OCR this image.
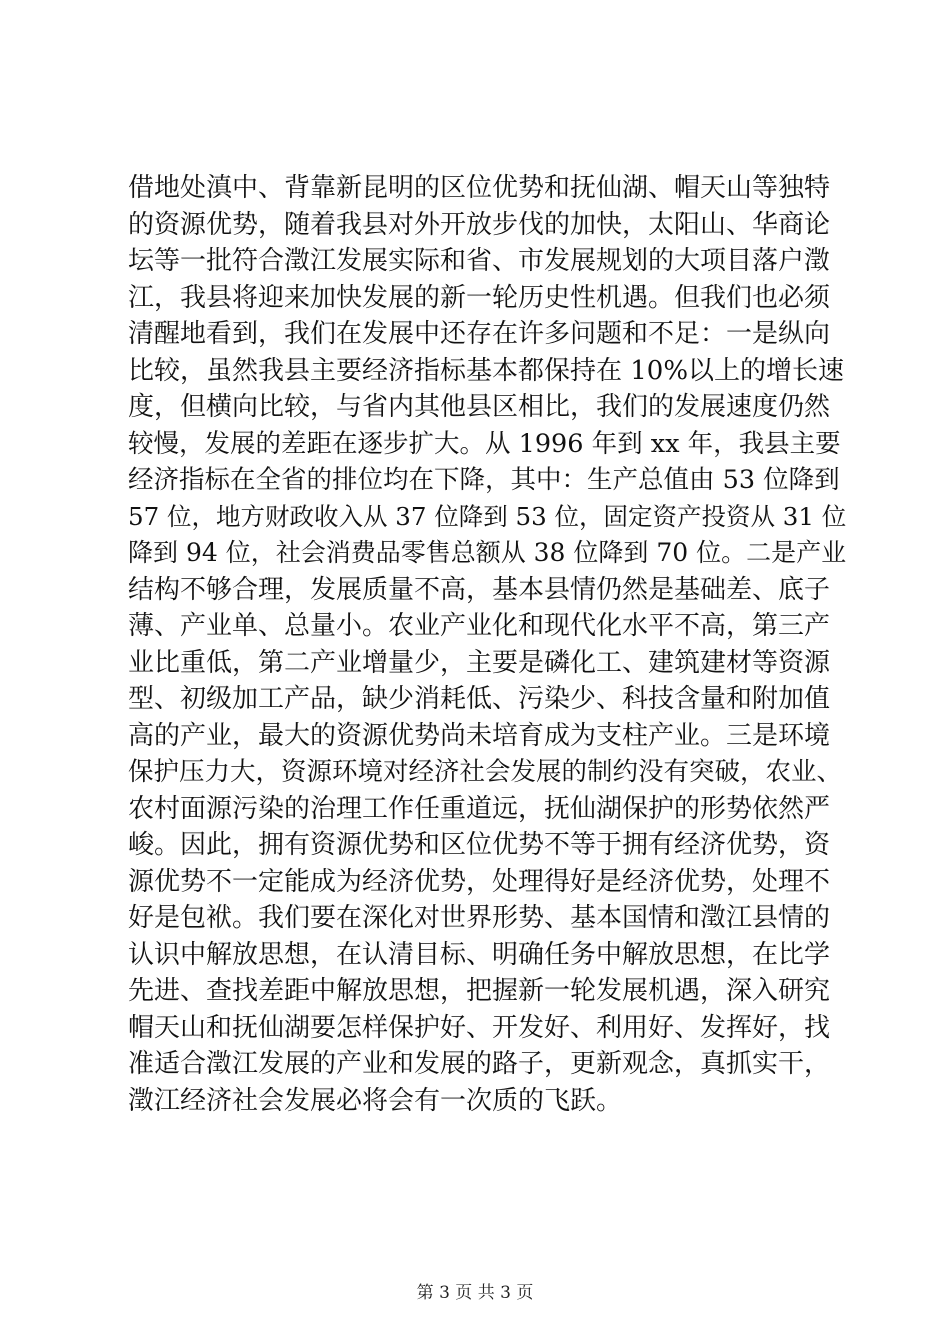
借地处滇中、背靠新昆明的区位优势和抚仙湖、帽天山等独特
的资源优势，随着我县对外开放步伐的加快，太阳山、华商论
坛等一批符合澂江发展实际和省、市发展规划的大项目落户澂
江，我县将迎来加快发展的新一轮历史性机遇。但我们也必须
清醒地看到，我们在发展中还存在许多问题和不足：一是纵向
比较，虽然我县主要经济指标基本都保持在 10%以上的增长速
度，但横向比较，与省内其他县区相比，我们的发展速度仍然
较慢，发展的差距在逐步扩大。从 1996 年到 xx 年，我县主要
经济指标在全省的排位均在下降，其中：生产总值由 53 位降到
57 位，地方财政收入从 37 位降到 53 位，固定资产投资从 31 位
降到 94 位，社会消费品零售总额从 38 位降到 70 位。二是产业
结构不够合理，发展质量不高，基本县情仍然是基础差、底子
薄、产业单、总量小。农业产业化和现代化水平不高，第三产
业比重低，第二产业增量少，主要是磷化工、建筑建材等资源
型、初级加工产品，缺少消耗低、污染少、科技含量和附加值
高的产业，最大的资源优势尚未培育成为支柱产业。三是环境
保护压力大，资源环境对经济社会发展的制约没有突破，农业、
农村面源污染的治理工作任重道远，抚仙湖保护的形势依然严
峻。因此，拥有资源优势和区位优势不等于拥有经济优势，资
源优势不一定能成为经济优势，处理得好是经济优势，处理不
好是包袱。我们要在深化对世界形势、基本国情和澂江县情的
认识中解放思想，在认清目标、明确任务中解放思想，在比学
先进、查找差距中解放思想，把握新一轮发展机遇，深入研究
帽天山和抚仙湖要怎样保护好、开发好、利用好、发挥好，找
准适合澂江发展的产业和发展的路子，更新观念，真抓实干，
澂江经济社会发展必将会有一次质的飞跃。
第 3 页 共 3 页
